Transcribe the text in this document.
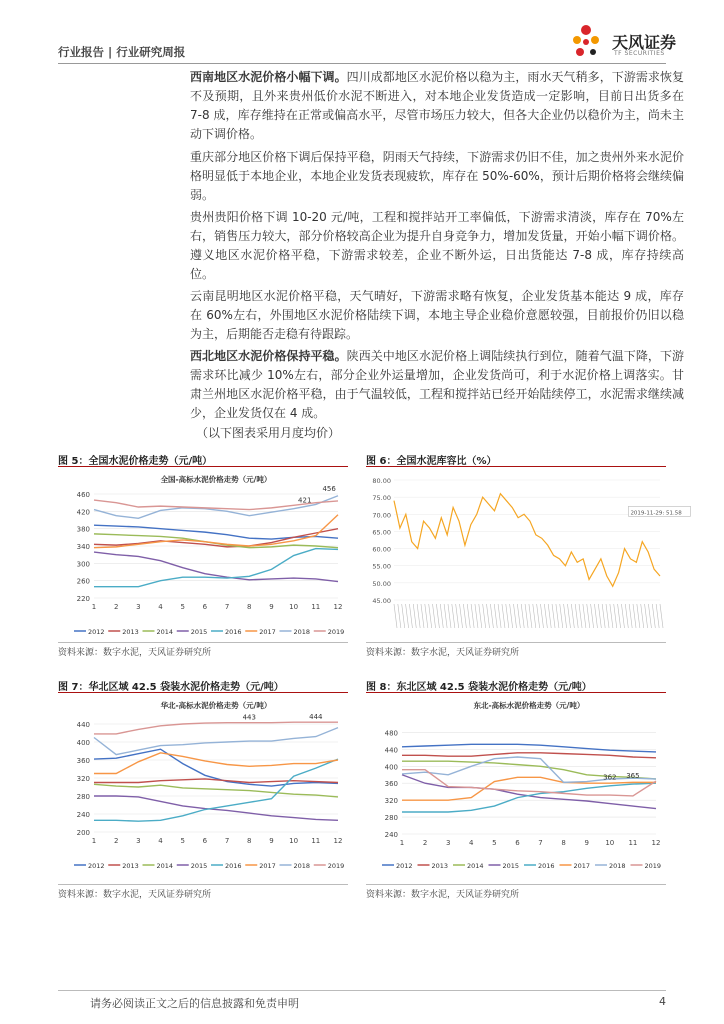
行业报告 | 行业研究周报	天风证券
TF SECURITIES

西南地区水泥价格小幅下调。四川成都地区水泥价格以稳为主，雨水天气稍多，下游需求恢复不及预期，且外来贵州低价水泥不断进入，对本地企业发货造成一定影响，目前日出货多在 7-8 成，库存维持在正常或偏高水平，尽管市场压力较大，但各大企业仍以稳价为主，尚未主动下调价格。

重庆部分地区价格下调后保持平稳，阴雨天气持续，下游需求仍旧不佳，加之贵州外来水泥价格明显低于本地企业，本地企业发货表现疲软，库存在 50%-60%，预计后期价格将会继续偏弱。

贵州贵阳价格下调 10-20 元/吨，工程和搅拌站开工率偏低，下游需求清淡，库存在 70%左右，销售压力较大，部分价格较高企业为提升自身竞争力，增加发货量，开始小幅下调价格。遵义地区水泥价格平稳，下游需求较差，企业不断外运，日出货能达 7-8 成，库存持续高位。

云南昆明地区水泥价格平稳，天气晴好，下游需求略有恢复，企业发货基本能达 9 成，库存在 60%左右，外围地区水泥价格陆续下调，本地主导企业稳价意愿较强，目前报价仍旧以稳为主，后期能否走稳有待跟踪。

西北地区水泥价格保持平稳。陕西关中地区水泥价格上调陆续执行到位，随着气温下降，下游需求环比减少 10%左右，部分企业外运量增加，企业发货尚可，利于水泥价格上调落实。甘肃兰州地区水泥价格平稳，由于气温较低，工程和搅拌站已经开始陆续停工，水泥需求继续减少，企业发货仅在 4 成。

（以下图表采用月度均价）
图 5：全国水泥价格走势（元/吨）
全国-高标水泥价格走势（元/吨）
220
260
300
340
380
420
460
1	2	3	4	5	6	7	8	9 10 11 12
421
456
2012	2013	2014	2015	2016	2017	2018	2019
资料来源：数字水泥，天风证券研究所
图 6：全国水泥库容比（%）
45.00
50.00
55.00
60.00
65.00
70.00
75.00
80.00
2019-11-29: 51.58
资料来源：数字水泥，天风证券研究所
图 7：华北区域 42.5 袋装水泥价格走势（元/吨）
华北-高标水泥价格走势（元/吨）
200
240
280
320
360
400
440
1	2	3	4	5	6	7	8	9 10 11 12
443	444
2012	2013	2014	2015	2016	2017	2018	2019
资料来源：数字水泥，天风证券研究所
图 8：东北区域 42.5 袋装水泥价格走势（元/吨）
东北-高标水泥价格走势（元/吨）
240
280
320
360
400
440
480
1	2	3	4	5	6	7	8	9 10 11 12
362 365
2012	2013	2014	2015	2016	2017	2018	2019
资料来源：数字水泥，天风证券研究所
请务必阅读正文之后的信息披露和免责申明	4
